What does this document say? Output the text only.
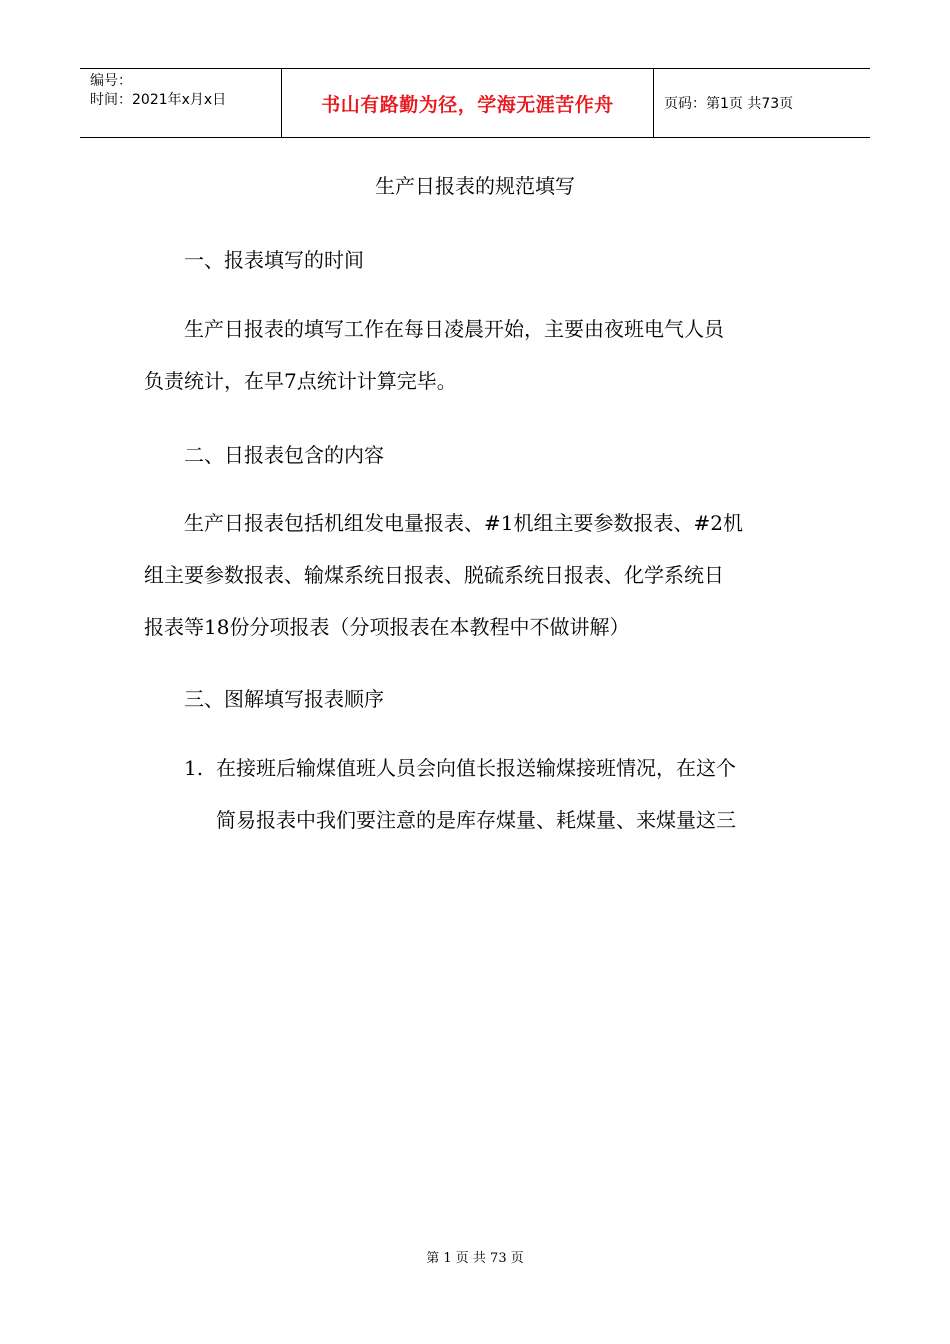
编号：
时间：2021年x月x日	书山有路勤为径，学海无涯苦作舟	页码：第1页 共73页
生产日报表的规范填写
一、报表填写的时间
生产日报表的填写工作在每日凌晨开始，主要由夜班电气人员
负责统计，在早7点统计计算完毕。
二、日报表包含的内容
生产日报表包括机组发电量报表、#1机组主要参数报表、#2机
组主要参数报表、输煤系统日报表、脱硫系统日报表、化学系统日
报表等18份分项报表（分项报表在本教程中不做讲解）
三、图解填写报表顺序
1. 在接班后输煤值班人员会向值长报送输煤接班情况，在这个
简易报表中我们要注意的是库存煤量、耗煤量、来煤量这三
第 1 页 共 73 页
